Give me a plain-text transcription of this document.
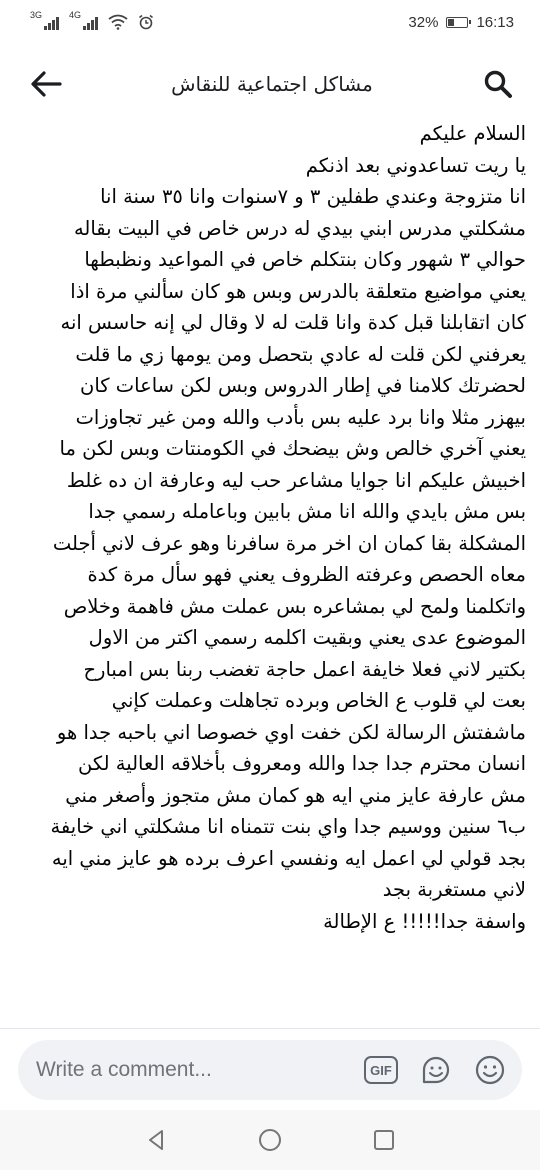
3G	4G	32%	16:13
مشاكل اجتماعية للنقاش

السلام عليكم

يا ريت تساعدوني بعد اذنكم

انا متزوجة وعندي طفلين ٣ و ٧سنوات وانا ٣٥ سنة انا

مشكلتي مدرس ابني بيدي له درس خاص في البيت بقاله

حوالي ٣ شهور وكان بنتكلم خاص في المواعيد ونظبطها

يعني مواضيع متعلقة بالدرس وبس هو كان سألني مرة اذا

كان اتقابلنا قبل كدة وانا قلت له لا وقال لي إنه حاسس انه

يعرفني لكن قلت له عادي بتحصل ومن يومها زي ما قلت

لحضرتك كلامنا في إطار الدروس وبس لكن ساعات كان

بيهزر مثلا وانا برد عليه بس بأدب والله ومن غير تجاوزات

يعني آخري خالص وش بيضحك في الكومنتات وبس لكن ما

اخبيش عليكم انا جوايا مشاعر حب ليه وعارفة ان ده غلط

بس مش بايدي والله انا مش بابين وباعامله رسمي جدا

المشكلة بقا كمان ان اخر مرة سافرنا وهو عرف لاني أجلت

معاه الحصص وعرفته الظروف يعني فهو سأل مرة كدة

واتكلمنا ولمح لي بمشاعره بس عملت مش فاهمة وخلاص

الموضوع عدى يعني وبقيت اكلمه رسمي اكتر من الاول

بكتير لاني فعلا خايفة اعمل حاجة تغضب ربنا بس امبارح

بعت لي قلوب ع الخاص وبرده تجاهلت وعملت كإني

ماشفتش الرسالة لكن خفت اوي خصوصا اني باحبه جدا هو

انسان محترم جدا جدا والله ومعروف بأخلاقه العالية لكن

مش عارفة عايز مني ايه هو كمان مش متجوز وأصغر مني

ب٦ سنين ووسيم جدا واي بنت تتمناه انا مشكلتي اني خايفة

بجد قولي لي اعمل ايه ونفسي اعرف برده هو عايز مني ايه

لاني مستغربة بجد

واسفة جدا!!!!! ع الإطالة

Write a comment...
GIF
